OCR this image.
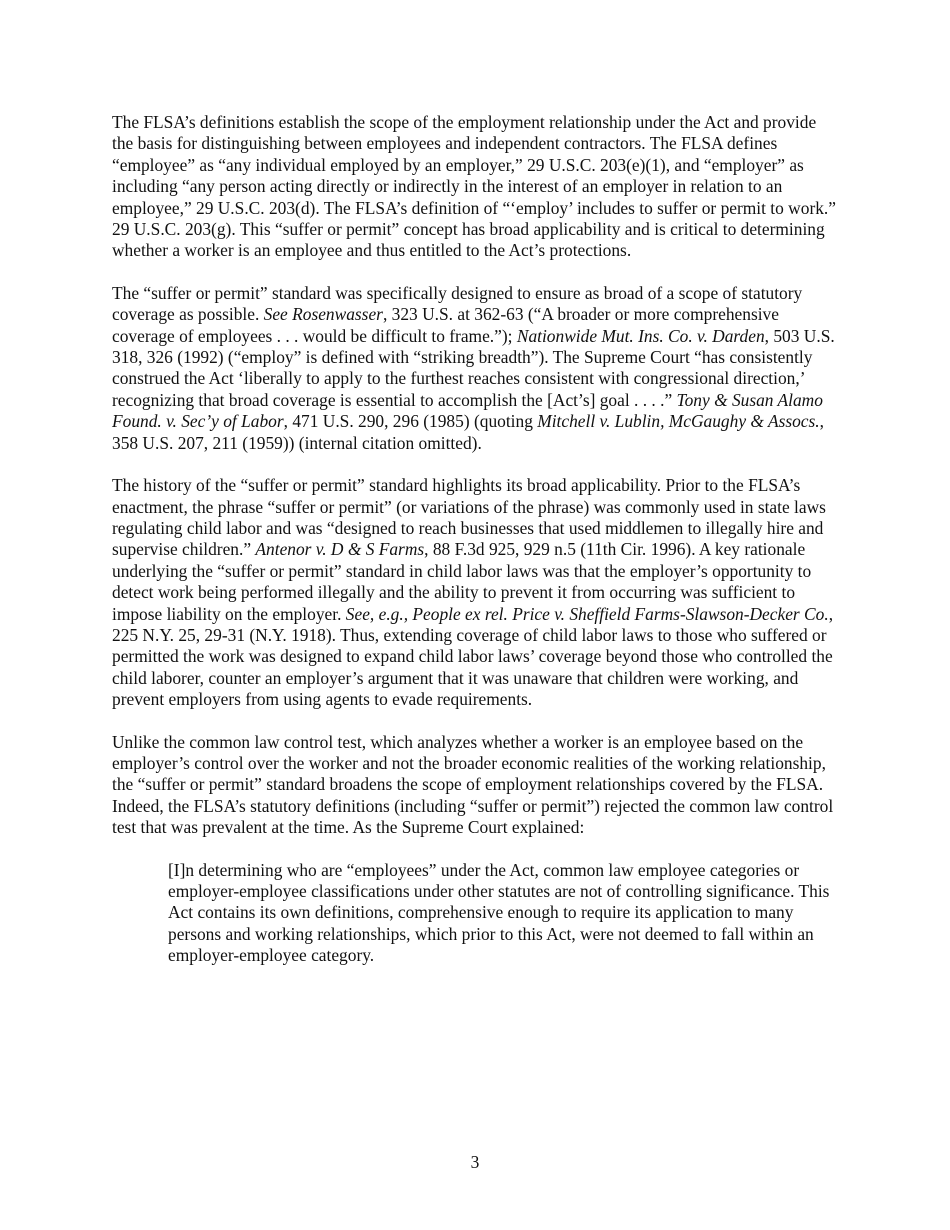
The FLSA’s definitions establish the scope of the employment relationship under the Act and provide the basis for distinguishing between employees and independent contractors. The FLSA defines “employee” as “any individual employed by an employer,” 29 U.S.C. 203(e)(1), and “employer” as including “any person acting directly or indirectly in the interest of an employer in relation to an employee,” 29 U.S.C. 203(d). The FLSA’s definition of “‘employ’ includes to suffer or permit to work.” 29 U.S.C. 203(g). This “suffer or permit” concept has broad applicability and is critical to determining whether a worker is an employee and thus entitled to the Act’s protections.

The “suffer or permit” standard was specifically designed to ensure as broad of a scope of statutory coverage as possible. See Rosenwasser, 323 U.S. at 362-63 (“A broader or more comprehensive coverage of employees . . . would be difficult to frame.”); Nationwide Mut. Ins. Co. v. Darden, 503 U.S. 318, 326 (1992) (“employ” is defined with “striking breadth”). The Supreme Court “has consistently construed the Act ‘liberally to apply to the furthest reaches consistent with congressional direction,’ recognizing that broad coverage is essential to accomplish the [Act’s] goal . . . .” Tony & Susan Alamo Found. v. Sec’y of Labor, 471 U.S. 290, 296 (1985) (quoting Mitchell v. Lublin, McGaughy & Assocs., 358 U.S. 207, 211 (1959)) (internal citation omitted).

The history of the “suffer or permit” standard highlights its broad applicability. Prior to the FLSA’s enactment, the phrase “suffer or permit” (or variations of the phrase) was commonly used in state laws regulating child labor and was “designed to reach businesses that used middlemen to illegally hire and supervise children.” Antenor v. D & S Farms, 88 F.3d 925, 929 n.5 (11th Cir. 1996). A key rationale underlying the “suffer or permit” standard in child labor laws was that the employer’s opportunity to detect work being performed illegally and the ability to prevent it from occurring was sufficient to impose liability on the employer. See, e.g., People ex rel. Price v. Sheffield Farms-Slawson-Decker Co., 225 N.Y. 25, 29-31 (N.Y. 1918). Thus, extending coverage of child labor laws to those who suffered or permitted the work was designed to expand child labor laws’ coverage beyond those who controlled the child laborer, counter an employer’s argument that it was unaware that children were working, and prevent employers from using agents to evade requirements.

Unlike the common law control test, which analyzes whether a worker is an employee based on the employer’s control over the worker and not the broader economic realities of the working relationship, the “suffer or permit” standard broadens the scope of employment relationships covered by the FLSA. Indeed, the FLSA’s statutory definitions (including “suffer or permit”) rejected the common law control test that was prevalent at the time. As the Supreme Court explained:

[I]n determining who are “employees” under the Act, common law employee categories or employer-employee classifications under other statutes are not of controlling significance. This Act contains its own definitions, comprehensive enough to require its application to many persons and working relationships, which prior to this Act, were not deemed to fall within an employer-employee category.

3
